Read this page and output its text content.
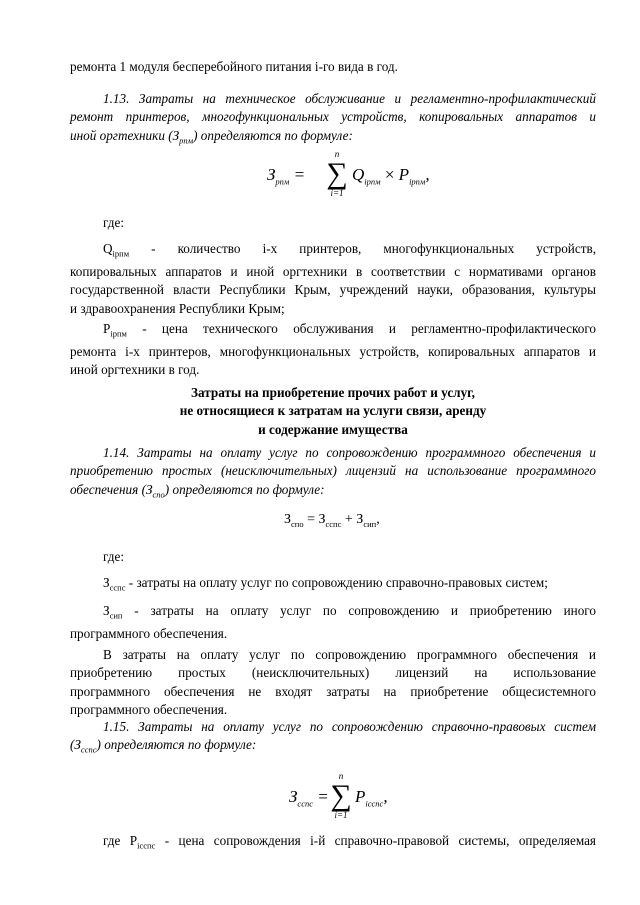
ремонта 1 модуля бесперебойного питания i-го вида в год.
1.13. Затраты на техническое обслуживание и регламентно-профилактический
ремонт принтеров, многофункциональных устройств, копировальных аппаратов и
иной оргтехники $(З_{рпм})$ определяются по формуле:
$З_{рпм}$ =
n
∑
i=1
$Q_{iрпм} \times P_{iрпм}$,
где:
$Q_{iрпм}$ - количество i-х принтеров, многофункциональных устройств,
копировальных аппаратов и иной оргтехники в соответствии с нормативами органов
государственной власти Республики Крым, учреждений науки, образования, культуры
и здравоохранения Республики Крым;
$P_{iрпм}$ - цена технического обслуживания и регламентно-профилактического
ремонта i-х принтеров, многофункциональных устройств, копировальных аппаратов и
иной оргтехники в год.
Затраты на приобретение прочих работ и услуг,
не относящиеся к затратам на услуги связи, аренду
и содержание имущества
1.14. Затраты на оплату услуг по сопровождению программного обеспечения и
приобретению простых (неисключительных) лицензий на использование программного
обеспечения $(З_{спо})$ определяются по формуле:
$З_{спо} = З_{сспс} + З_{сип}$,
где:
$З_{сспс}$ - затраты на оплату услуг по сопровождению справочно-правовых систем;
$З_{сип}$ - затраты на оплату услуг по сопровождению и приобретению иного
программного обеспечения.
В затраты на оплату услуг по сопровождению программного обеспечения и
приобретению простых (неисключительных) лицензий на использование
программного обеспечения не входят затраты на приобретение общесистемного
программного обеспечения.
1.15. Затраты на оплату услуг по сопровождению справочно-правовых систем
$(З_{сспс})$ определяются по формуле:
$З_{сспс}$ =
n
∑
i=1
$P_{iсспс}$,
где $P_{iсспс}$ - цена сопровождения i-й справочно-правовой системы, определяемая
